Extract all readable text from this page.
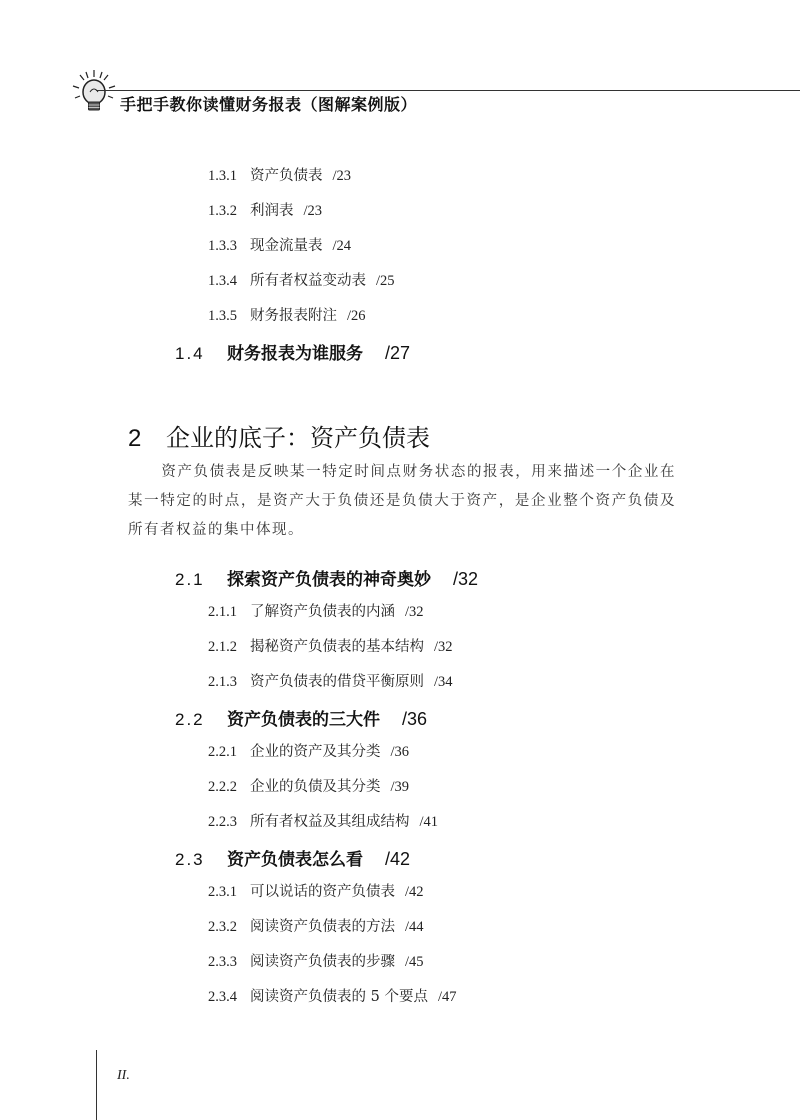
手把手教你读懂财务报表（图解案例版）
1.3.1 资产负债表 /23
1.3.2 利润表 /23
1.3.3 现金流量表 /24
1.3.4 所有者权益变动表 /25
1.3.5 财务报表附注 /26
1.4 财务报表为谁服务 /27
2 企业的底子：资产负债表
资产负债表是反映某一特定时间点财务状态的报表，用来描述一个企业在某一特定的时点，是资产大于负债还是负债大于资产，是企业整个资产负债及所有者权益的集中体现。
2.1 探索资产负债表的神奇奥妙 /32
2.1.1 了解资产负债表的内涵 /32
2.1.2 揭秘资产负债表的基本结构 /32
2.1.3 资产负债表的借贷平衡原则 /34
2.2 资产负债表的三大件 /36
2.2.1 企业的资产及其分类 /36
2.2.2 企业的负债及其分类 /39
2.2.3 所有者权益及其组成结构 /41
2.3 资产负债表怎么看 /42
2.3.1 可以说话的资产负债表 /42
2.3.2 阅读资产负债表的方法 /44
2.3.3 阅读资产负债表的步骤 /45
2.3.4 阅读资产负债表的 5 个要点 /47
II.
